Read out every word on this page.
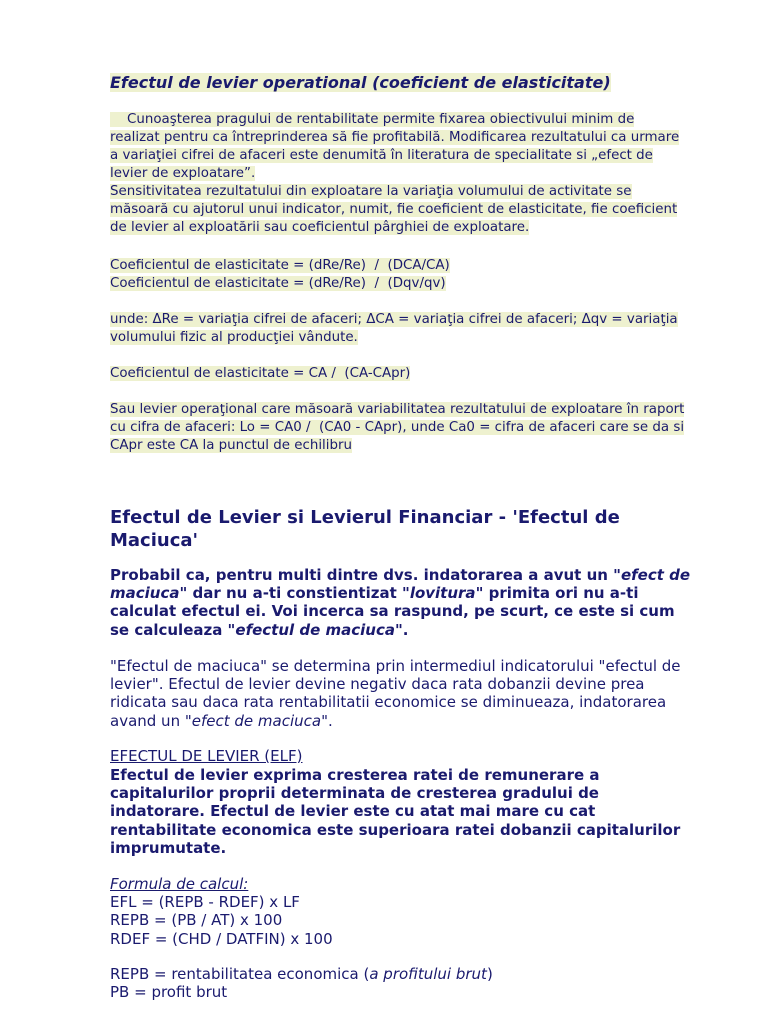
Efectul de levier operational (coeficient de elasticitate)
Cunoaşterea pragului de rentabilitate permite fixarea obiectivului minim de
realizat pentru ca întreprinderea să fie profitabilă. Modificarea rezultatului ca urmare
a variaţiei cifrei de afaceri este denumită în literatura de specialitate si „efect de
levier de exploatare”.
Sensitivitatea rezultatului din exploatare la variaţia volumului de activitate se
măsoară cu ajutorul unui indicator, numit, fie coeficient de elasticitate, fie coeficient
de levier al exploatării sau coeficientul pârghiei de exploatare.
Coeficientul de elasticitate = (dRe/Re)  /  (DCA/CA)
Coeficientul de elasticitate = (dRe/Re)  /  (Dqv/qv)
unde: ΔRe = variaţia cifrei de afaceri; ΔCA = variaţia cifrei de afaceri; Δqv = variaţia
volumului fizic al producţiei vândute.
Coeficientul de elasticitate = CA /  (CA-CApr)
Sau levier operaţional care măsoară variabilitatea rezultatului de exploatare în raport
cu cifra de afaceri: Lo = CA0 /  (CA0 - CApr), unde Ca0 = cifra de afaceri care se da si
CApr este CA la punctul de echilibru
Efectul de Levier si Levierul Financiar - 'Efectul de
Maciuca'
Probabil ca, pentru multi dintre dvs. indatorarea a avut un "efect de
maciuca" dar nu a-ti constientizat "lovitura" primita ori nu a-ti
calculat efectul ei. Voi incerca sa raspund, pe scurt, ce este si cum
se calculeaza "efectul de maciuca".
"Efectul de maciuca" se determina prin intermediul indicatorului "efectul de
levier". Efectul de levier devine negativ daca rata dobanzii devine prea
ridicata sau daca rata rentabilitatii economice se diminueaza, indatorarea
avand un "efect de maciuca".
EFECTUL DE LEVIER (ELF)
Efectul de levier exprima cresterea ratei de remunerare a
capitalurilor proprii determinata de cresterea gradului de
indatorare. Efectul de levier este cu atat mai mare cu cat
rentabilitate economica este superioara ratei dobanzii capitalurilor
imprumutate.
Formula de calcul:
EFL = (REPB - RDEF) x LF
REPB = (PB / AT) x 100
RDEF = (CHD / DATFIN) x 100
REPB = rentabilitatea economica (a profitului brut)
PB = profit brut
